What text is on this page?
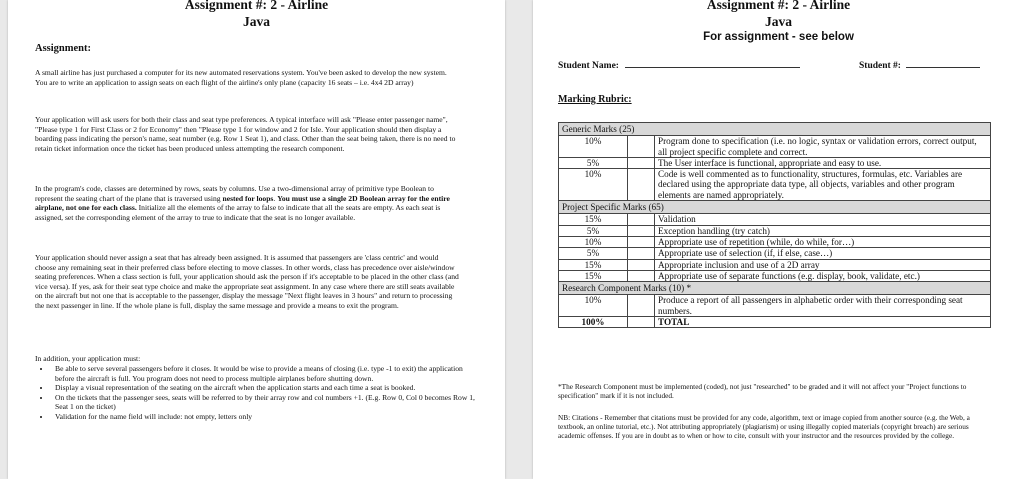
Assignment #: 2 - Airline
Java
Assignment:
A small airline has just purchased a computer for its new automated reservations system. You've been asked to develop the new system. You are to write an application to assign seats on each flight of the airline's only plane (capacity 16 seats – i.e. 4x4 2D array)
Your application will ask users for both their class and seat type preferences. A typical interface will ask "Please enter passenger name", "Please type 1 for First Class or 2 for Economy" then "Please type 1 for window and 2 for Isle. Your application should then display a boarding pass indicating the person's name, seat number (e.g. Row 1 Seat 1), and class. Other than the seat being taken, there is no need to retain ticket information once the ticket has been produced unless attempting the research component.
In the program's code, classes are determined by rows, seats by columns. Use a two-dimensional array of primitive type Boolean to represent the seating chart of the plane that is traversed using nested for loops. You must use a single 2D Boolean array for the entire airplane, not one for each class. Initialize all the elements of the array to false to indicate that all the seats are empty. As each seat is assigned, set the corresponding element of the array to true to indicate that the seat is no longer available.
Your application should never assign a seat that has already been assigned. It is assumed that passengers are 'class centric' and would choose any remaining seat in their preferred class before electing to move classes. In other words, class has precedence over aisle/window seating preferences. When a class section is full, your application should ask the person if it's acceptable to be placed in the other class (and vice versa). If yes, ask for their seat type choice and make the appropriate seat assignment. In any case where there are still seats available on the aircraft but not one that is acceptable to the passenger, display the message "Next flight leaves in 3 hours" and return to processing the next passenger in line. If the whole plane is full, display the same message and provide a means to exit the program.
In addition, your application must:
• Be able to serve several passengers before it closes. It would be wise to provide a means of closing (i.e. type -1 to exit) the application before the aircraft is full. You program does not need to process multiple airplanes before shutting down.
• Display a visual representation of the seating on the aircraft when the application starts and each time a seat is booked.
• On the tickets that the passenger sees, seats will be referred to by their array row and col numbers +1. (E.g. Row 0, Col 0 becomes Row 1, Seat 1 on the ticket)
• Validation for the name field will include: not empty, letters only
Assignment #: 2 - Airline
Java
For assignment - see below
Student Name:	Student #:
Marking Rubric:
Generic Marks (25)		
10%		Program done to specification (i.e. no logic, syntax or validation errors, correct output, all project specific complete and correct.
5%		The User interface is functional, appropriate and easy to use.
10%		Code is well commented as to functionality, structures, formulas, etc. Variables are declared using the appropriate data type, all objects, variables and other program elements are named appropriately.
Project Specific Marks (65)		
15%		Validation
5%		Exception handling (try catch)
10%		Appropriate use of repetition (while, do while, for…)
5%		Appropriate use of selection (if, if else, case…)
15%		Appropriate inclusion and use of a 2D array
15%		Appropriate use of separate functions (e.g. display, book, validate, etc.)
Research Component Marks (10) *		
10%		Produce a report of all passengers in alphabetic order with their corresponding seat numbers.
100%		TOTAL
*The Research Component must be implemented (coded), not just "researched" to be graded and it will not affect your "Project functions to specification" mark if it is not included.
NB: Citations - Remember that citations must be provided for any code, algorithm, text or image copied from another source (e.g. the Web, a textbook, an online tutorial, etc.). Not attributing appropriately (plagiarism) or using illegally copied materials (copyright breach) are serious academic offenses. If you are in doubt as to when or how to cite, consult with your instructor and the resources provided by the college.
